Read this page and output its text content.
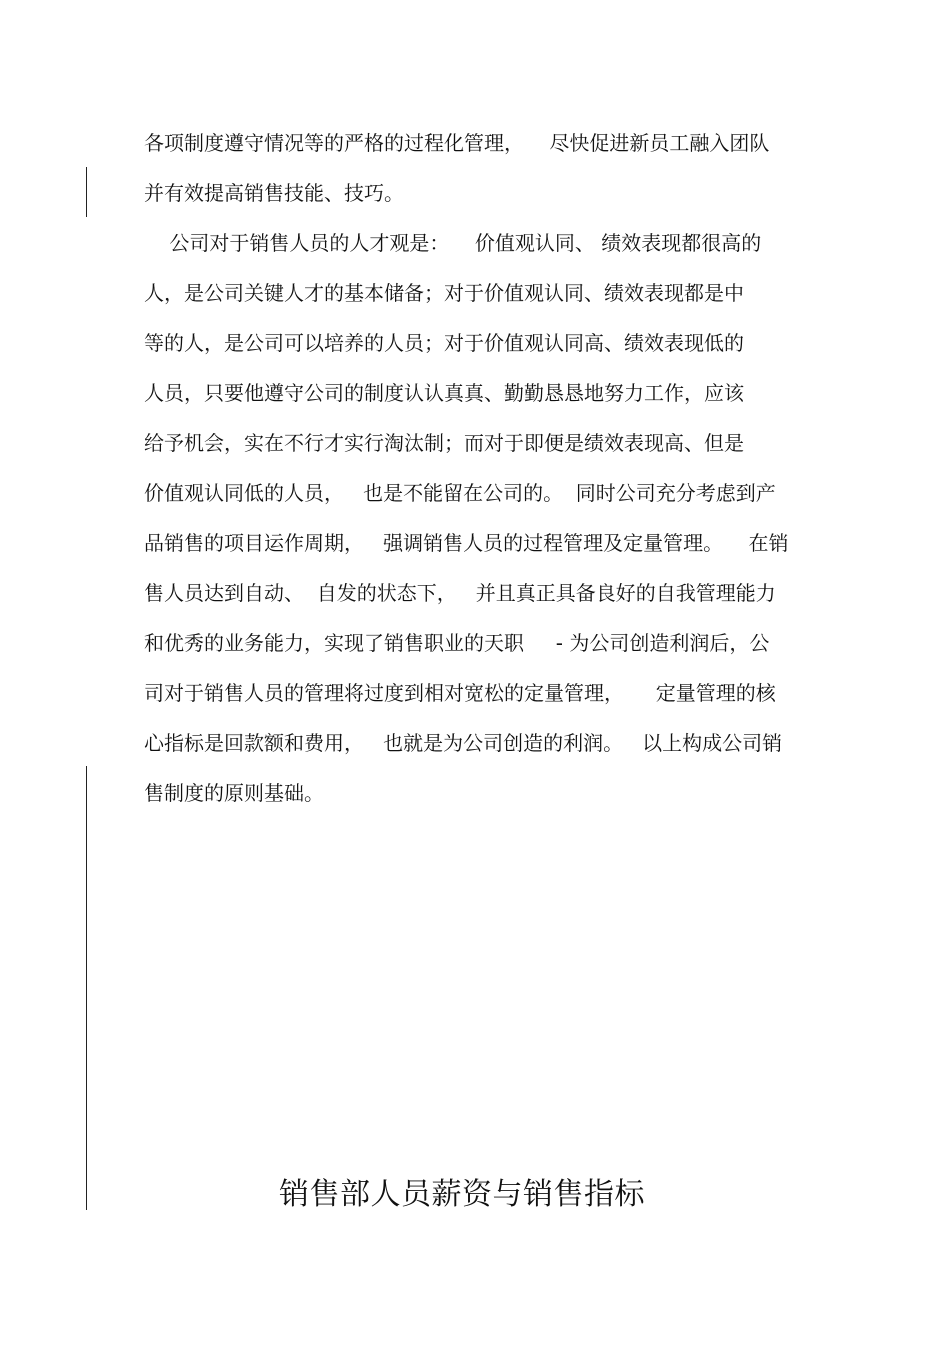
各项制度遵守情况等的严格的过程化管理，    尽快促进新员工融入团队
并有效提高销售技能、技巧。
公司对于销售人员的人才观是：    价值观认同、 绩效表现都很高的
人，是公司关键人才的基本储备；对于价值观认同、绩效表现都是中
等的人，是公司可以培养的人员；对于价值观认同高、绩效表现低的
人员，只要他遵守公司的制度认认真真、勤勤恳恳地努力工作，应该
给予机会，实在不行才实行淘汰制；而对于即便是绩效表现高、但是
价值观认同低的人员，   也是不能留在公司的。  同时公司充分考虑到产
品销售的项目运作周期，   强调销售人员的过程管理及定量管理。    在销
售人员达到自动、  自发的状态下，   并且真正具备良好的自我管理能力
和优秀的业务能力，实现了销售职业的天职     - 为公司创造利润后，公
司对于销售人员的管理将过度到相对宽松的定量管理，     定量管理的核
心指标是回款额和费用，   也就是为公司创造的利润。   以上构成公司销
售制度的原则基础。
销售部人员薪资与销售指标
